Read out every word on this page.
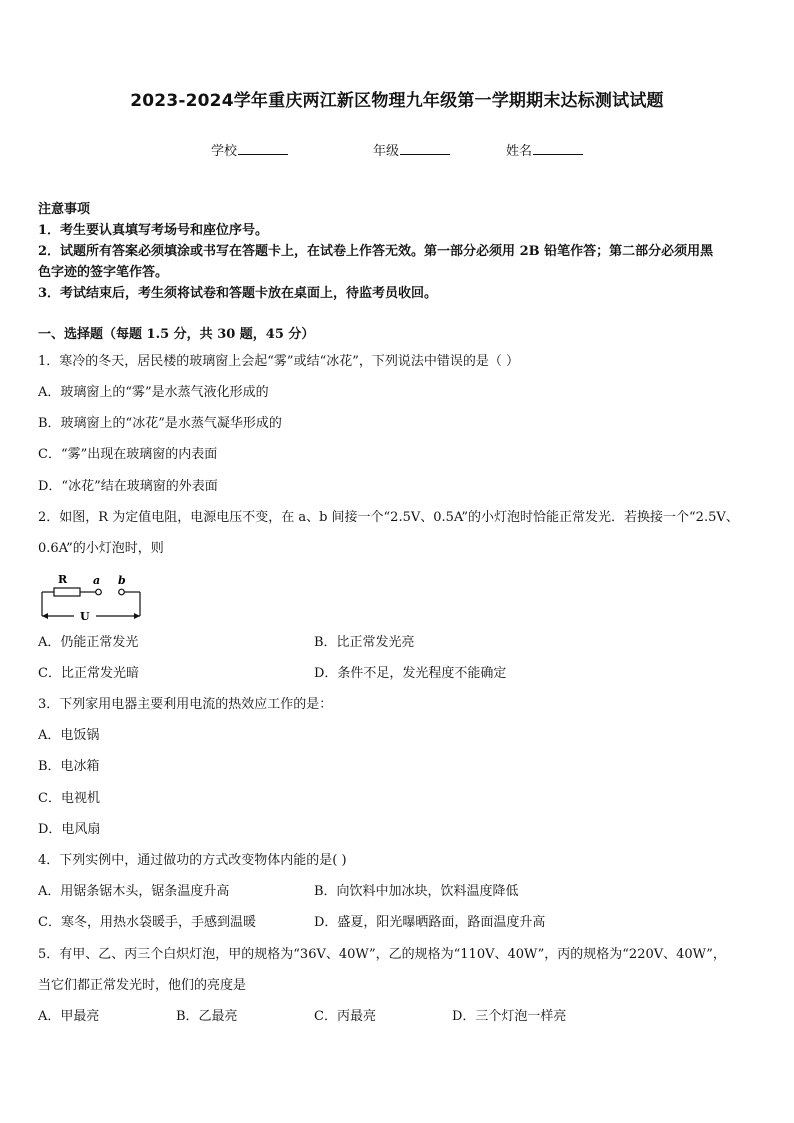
2023-2024学年重庆两江新区物理九年级第一学期期末达标测试试题
学校	年级	姓名
注意事项
1．考生要认真填写考场号和座位序号。
2．试题所有答案必须填涂或书写在答题卡上，在试卷上作答无效。第一部分必须用 2B 铅笔作答；第二部分必须用黑
色字迹的签字笔作答。
3．考试结束后，考生须将试卷和答题卡放在桌面上，待监考员收回。
一、选择题（每题 1.5 分，共 30 题，45 分）
1．寒冷的冬天，居民楼的玻璃窗上会起“雾”或结“冰花”，下列说法中错误的是（ ）
A．玻璃窗上的“雾”是水蒸气液化形成的
B．玻璃窗上的“冰花”是水蒸气凝华形成的
C．“雾”出现在玻璃窗的内表面
D．“冰花”结在玻璃窗的外表面
2．如图，R 为定值电阻，电源电压不变，在 a、b 间接一个“2.5V、0.5A”的小灯泡时恰能正常发光．若换接一个“2.5V、
0.6A”的小灯泡时，则
R a b
U
A．仍能正常发光	B．比正常发光亮
C．比正常发光暗	D．条件不足，发光程度不能确定
3．下列家用电器主要利用电流的热效应工作的是：
A．电饭锅
B．电冰箱
C．电视机
D．电风扇
4．下列实例中，通过做功的方式改变物体内能的是( )
A．用锯条锯木头，锯条温度升高	B．向饮料中加冰块，饮料温度降低
C．寒冬，用热水袋暖手，手感到温暖	D．盛夏，阳光曝晒路面，路面温度升高
5．有甲、乙、丙三个白炽灯泡，甲的规格为“36V、40W”，乙的规格为“110V、40W”，丙的规格为“220V、40W”，
当它们都正常发光时，他们的亮度是
A．甲最亮	B．乙最亮	C．丙最亮	D．三个灯泡一样亮
